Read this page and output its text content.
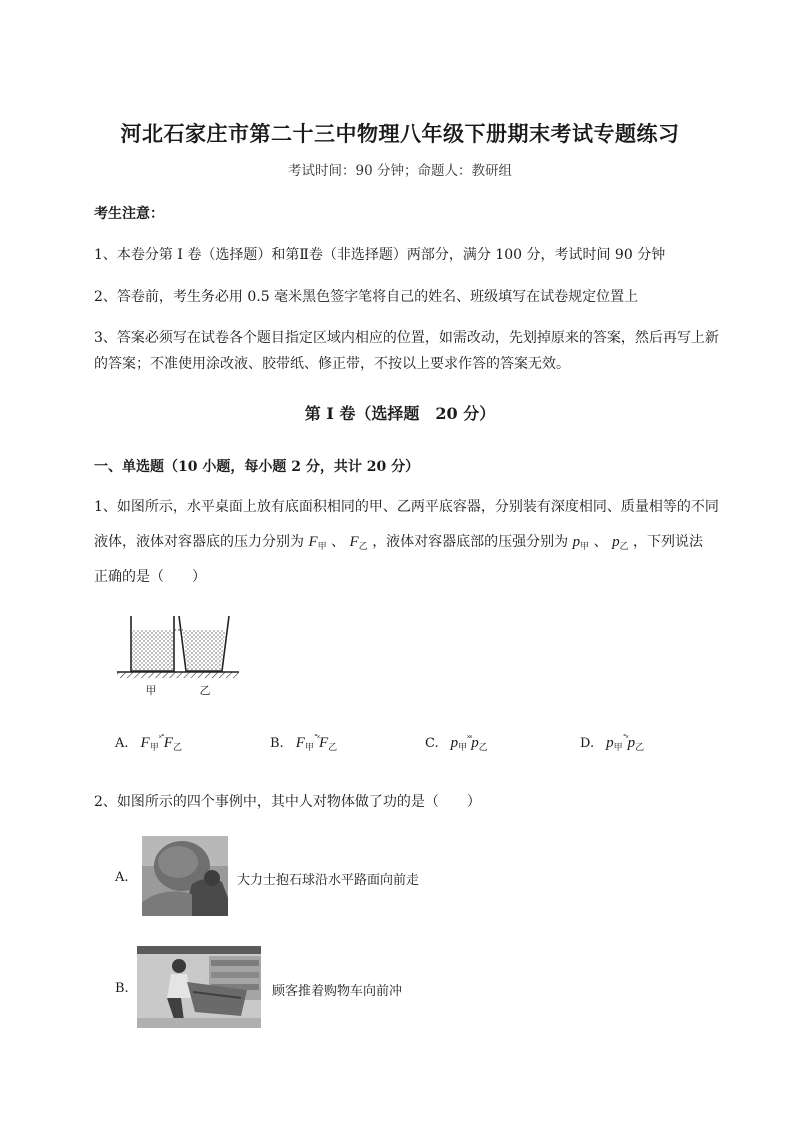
河北石家庄市第二十三中物理八年级下册期末考试专题练习
考试时间：90 分钟；命题人：教研组
考生注意：
1、本卷分第 I 卷（选择题）和第Ⅱ卷（非选择题）两部分，满分 100 分，考试时间 90 分钟
2、答卷前，考生务必用 0.5 毫米黑色签字笔将自己的姓名、班级填写在试卷规定位置上
3、答案必须写在试卷各个题目指定区域内相应的位置，如需改动，先划掉原来的答案，然后再写上新的答案；不准使用涂改液、胶带纸、修正带，不按以上要求作答的答案无效。
第 I 卷（选择题　20 分）
一、单选题（10 小题，每小题 2 分，共计 20 分）
1、如图所示，水平桌面上放有底面积相同的甲、乙两平底容器，分别装有深度相同、质量相等的不同
液体，液体对容器底的压力分别为 $F_甲$ 、 $F_乙$ ，液体对容器底部的压强分别为 $p_甲$ 、 $p_乙$ ，下列说法
正确的是（　　）
甲	乙
A. $F_甲^{˟˚}F_乙$	B. $F_甲^{˚˟}F_乙$	C. $p_甲^{˟˟}p_乙$	D. $p_甲^{˚˟}p_乙$
2、如图所示的四个事例中，其中人对物体做了功的是（　　）
A.	大力士抱石球沿水平路面向前走
B.	顾客推着购物车向前冲
